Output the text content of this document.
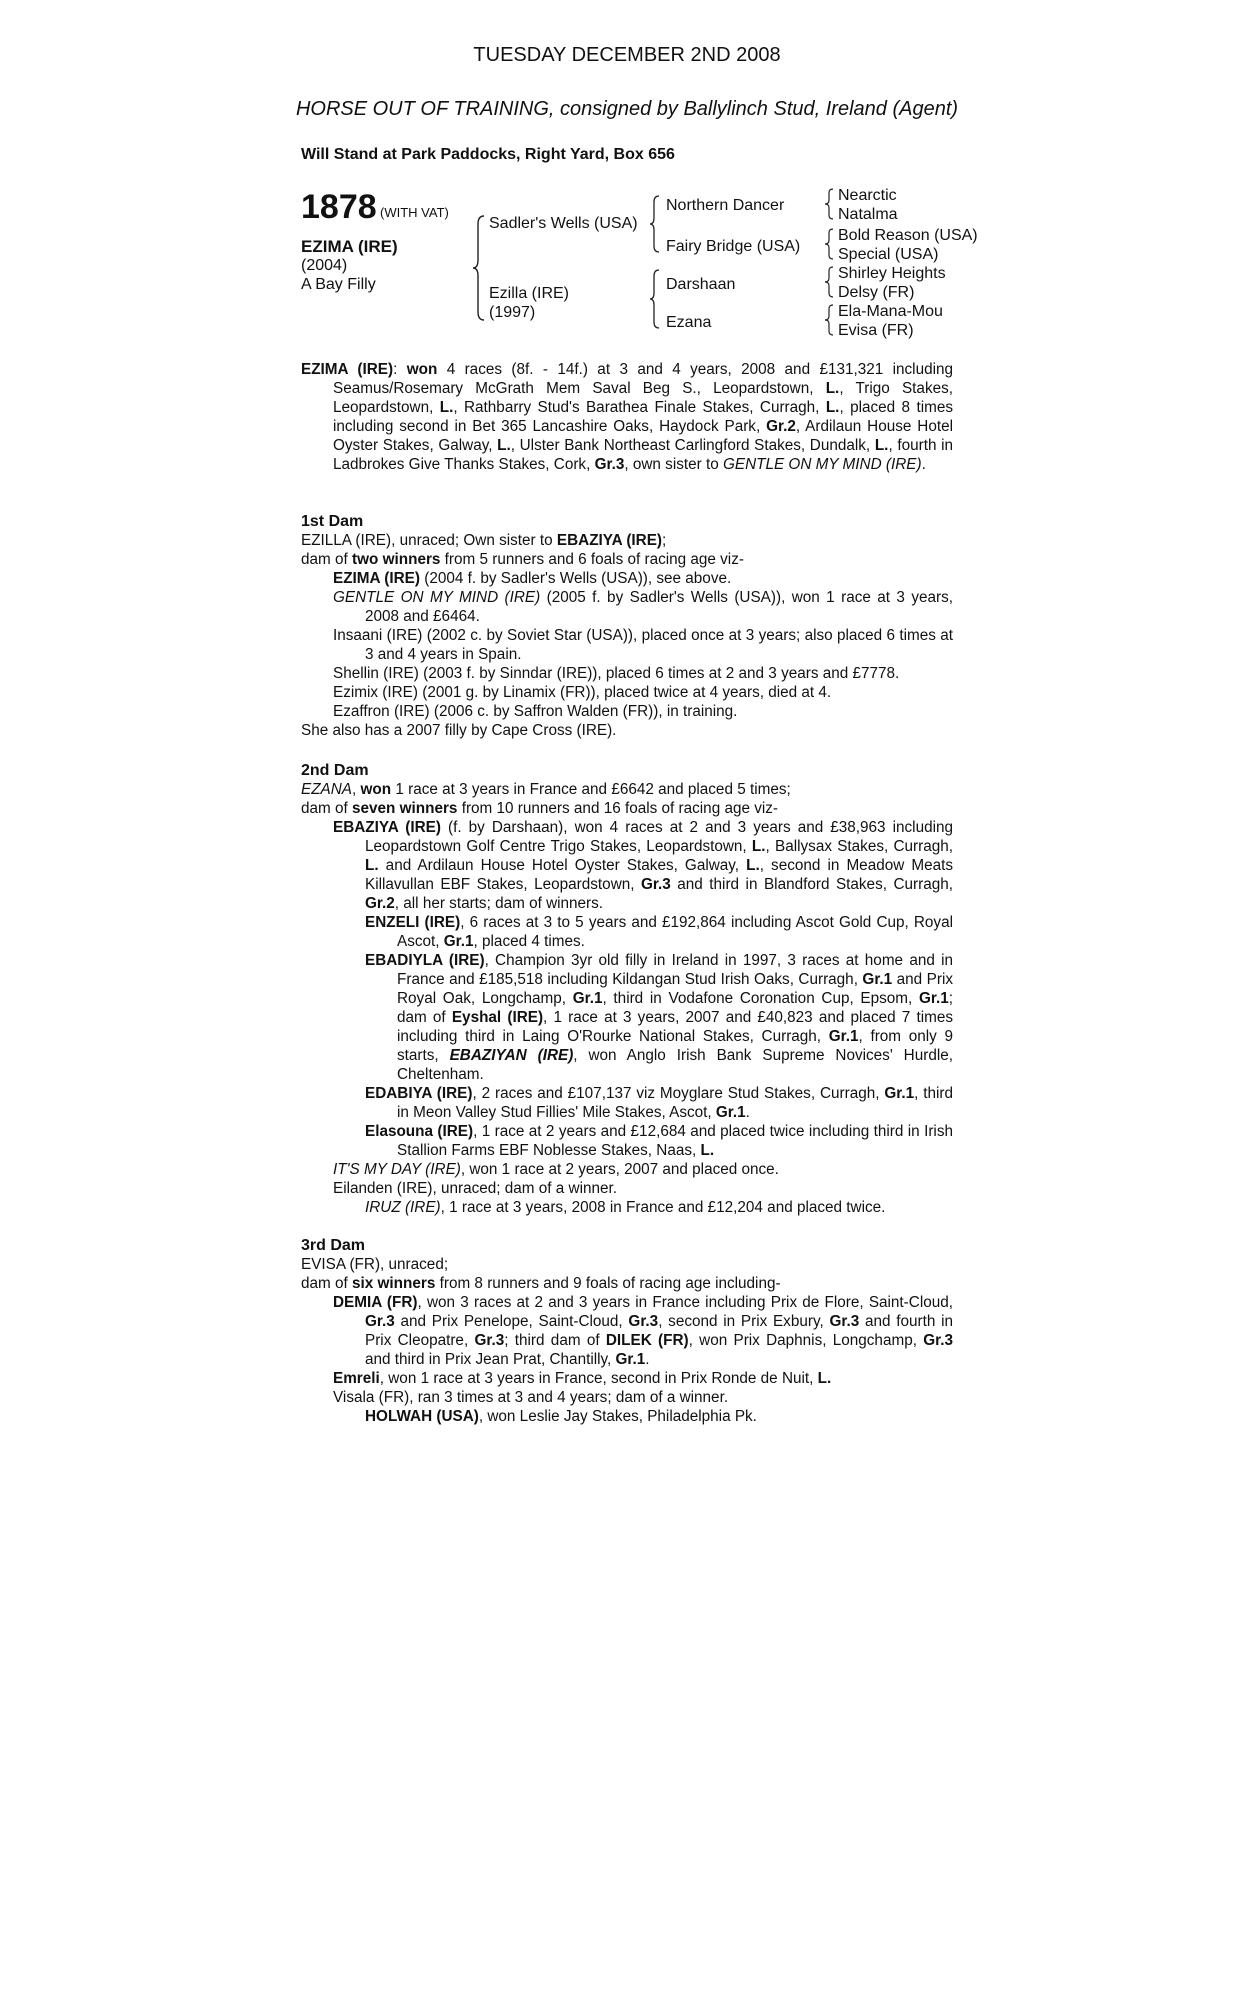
TUESDAY DECEMBER 2ND 2008
HORSE OUT OF TRAINING, consigned by Ballylinch Stud, Ireland (Agent)
Will Stand at Park Paddocks, Right Yard, Box 656
1878 (WITH VAT)
EZIMA (IRE)
(2004)
A Bay Filly
Sadler's Wells (USA)
Ezilla (IRE)
(1997)
Northern Dancer
Fairy Bridge (USA)
Darshaan
Ezana
Nearctic
Natalma
Bold Reason (USA)
Special (USA)
Shirley Heights
Delsy (FR)
Ela-Mana-Mou
Evisa (FR)

EZIMA (IRE): won 4 races (8f. - 14f.) at 3 and 4 years, 2008 and £131,321 including Seamus/Rosemary McGrath Mem Saval Beg S., Leopardstown, L., Trigo Stakes, Leopardstown, L., Rathbarry Stud's Barathea Finale Stakes, Curragh, L., placed 8 times including second in Bet 365 Lancashire Oaks, Haydock Park, Gr.2, Ardilaun House Hotel Oyster Stakes, Galway, L., Ulster Bank Northeast Carlingford Stakes, Dundalk, L., fourth in Ladbrokes Give Thanks Stakes, Cork, Gr.3, own sister to GENTLE ON MY MIND (IRE).

1st Dam

EZILLA (IRE), unraced; Own sister to EBAZIYA (IRE);

dam of two winners from 5 runners and 6 foals of racing age viz-

EZIMA (IRE) (2004 f. by Sadler's Wells (USA)), see above.

GENTLE ON MY MIND (IRE) (2005 f. by Sadler's Wells (USA)), won 1 race at 3 years, 2008 and £6464.

Insaani (IRE) (2002 c. by Soviet Star (USA)), placed once at 3 years; also placed 6 times at 3 and 4 years in Spain.

Shellin (IRE) (2003 f. by Sinndar (IRE)), placed 6 times at 2 and 3 years and £7778.

Ezimix (IRE) (2001 g. by Linamix (FR)), placed twice at 4 years, died at 4.

Ezaffron (IRE) (2006 c. by Saffron Walden (FR)), in training.

She also has a 2007 filly by Cape Cross (IRE).

2nd Dam

EZANA, won 1 race at 3 years in France and £6642 and placed 5 times;

dam of seven winners from 10 runners and 16 foals of racing age viz-

EBAZIYA (IRE) (f. by Darshaan), won 4 races at 2 and 3 years and £38,963 including Leopardstown Golf Centre Trigo Stakes, Leopardstown, L., Ballysax Stakes, Curragh, L. and Ardilaun House Hotel Oyster Stakes, Galway, L., second in Meadow Meats Killavullan EBF Stakes, Leopardstown, Gr.3 and third in Blandford Stakes, Curragh, Gr.2, all her starts; dam of winners.

ENZELI (IRE), 6 races at 3 to 5 years and £192,864 including Ascot Gold Cup, Royal Ascot, Gr.1, placed 4 times.

EBADIYLA (IRE), Champion 3yr old filly in Ireland in 1997, 3 races at home and in France and £185,518 including Kildangan Stud Irish Oaks, Curragh, Gr.1 and Prix Royal Oak, Longchamp, Gr.1, third in Vodafone Coronation Cup, Epsom, Gr.1; dam of Eyshal (IRE), 1 race at 3 years, 2007 and £40,823 and placed 7 times including third in Laing O'Rourke National Stakes, Curragh, Gr.1, from only 9 starts, EBAZIYAN (IRE), won Anglo Irish Bank Supreme Novices' Hurdle, Cheltenham.

EDABIYA (IRE), 2 races and £107,137 viz Moyglare Stud Stakes, Curragh, Gr.1, third in Meon Valley Stud Fillies' Mile Stakes, Ascot, Gr.1.

Elasouna (IRE), 1 race at 2 years and £12,684 and placed twice including third in Irish Stallion Farms EBF Noblesse Stakes, Naas, L.

IT'S MY DAY (IRE), won 1 race at 2 years, 2007 and placed once.

Eilanden (IRE), unraced; dam of a winner.

IRUZ (IRE), 1 race at 3 years, 2008 in France and £12,204 and placed twice.

3rd Dam

EVISA (FR), unraced;

dam of six winners from 8 runners and 9 foals of racing age including-

DEMIA (FR), won 3 races at 2 and 3 years in France including Prix de Flore, Saint-Cloud, Gr.3 and Prix Penelope, Saint-Cloud, Gr.3, second in Prix Exbury, Gr.3 and fourth in Prix Cleopatre, Gr.3; third dam of DILEK (FR), won Prix Daphnis, Longchamp, Gr.3 and third in Prix Jean Prat, Chantilly, Gr.1.

Emreli, won 1 race at 3 years in France, second in Prix Ronde de Nuit, L.

Visala (FR), ran 3 times at 3 and 4 years; dam of a winner.

HOLWAH (USA), won Leslie Jay Stakes, Philadelphia Pk.
